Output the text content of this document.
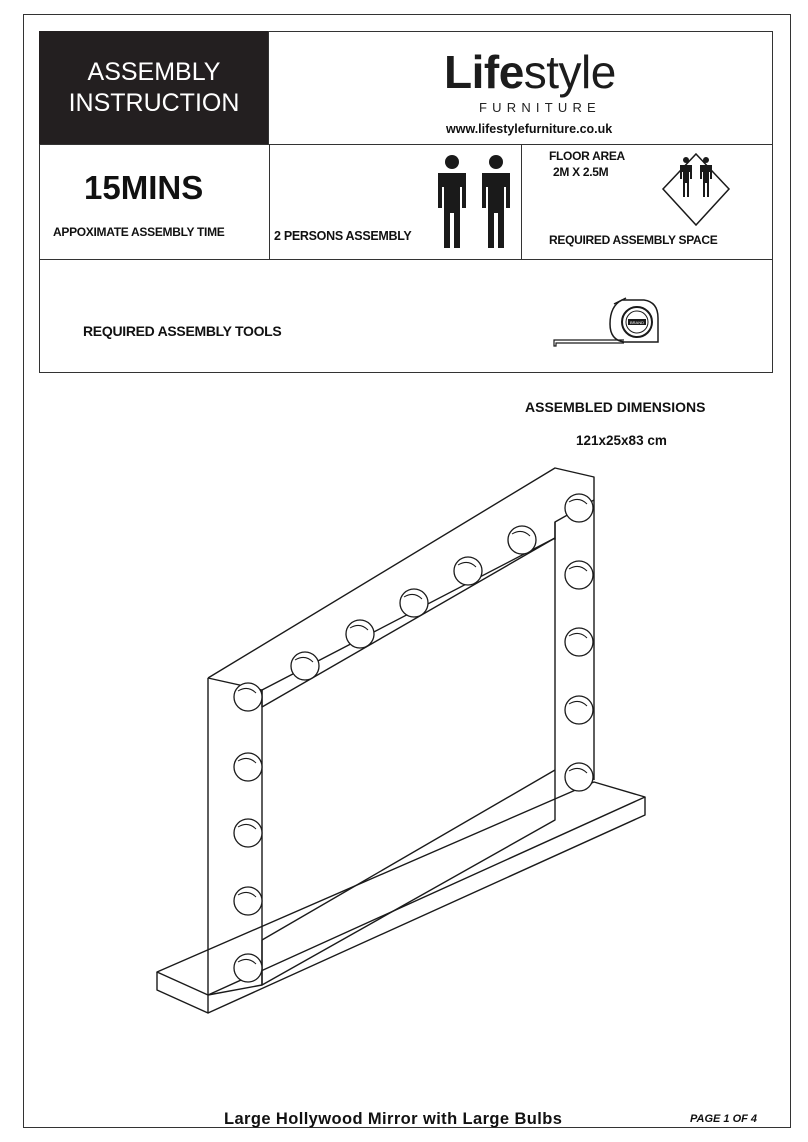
ASSEMBLY
INSTRUCTION
Lifestyle
FURNITURE
www.lifestylefurniture.co.uk
15MINS
APPOXIMATE ASSEMBLY TIME	2 PERSONS ASSEMBLY
FLOOR AREA
2M X 2.5M
REQUIRED ASSEMBLY SPACE
REQUIRED ASSEMBLY TOOLS
BRAND
ASSEMBLED DIMENSIONS
121x25x83 cm
Large Hollywood Mirror with Large Bulbs	PAGE 1 OF 4
